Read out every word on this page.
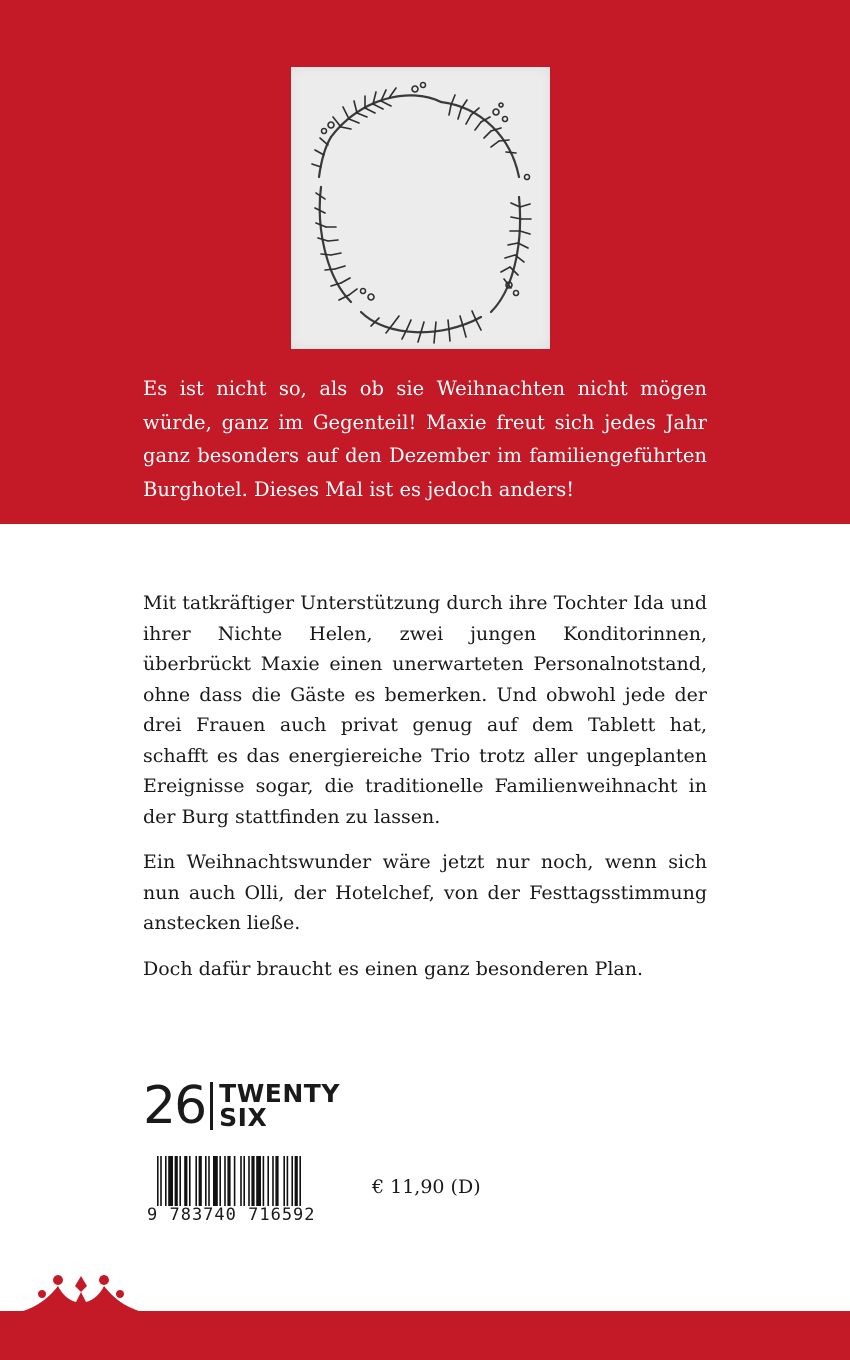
Es ist nicht so, als ob sie Weihnachten nicht mögen würde, ganz im Gegenteil! Maxie freut sich jedes Jahr ganz besonders auf den Dezember im familiengeführten Burghotel. Dieses Mal ist es jedoch anders!

Mit tatkräftiger Unterstützung durch ihre Tochter Ida und ihrer Nichte Helen, zwei jungen Konditorinnen, überbrückt Maxie einen unerwarteten Personalnotstand, ohne dass die Gäste es bemerken. Und obwohl jede der drei Frauen auch privat genug auf dem Tablett hat, schafft es das energiereiche Trio trotz aller ungeplanten Ereignisse sogar, die traditionelle Familienweihnacht in der Burg stattfinden zu lassen.

Ein Weihnachtswunder wäre jetzt nur noch, wenn sich nun auch Olli, der Hotelchef, von der Festtagsstimmung anstecken ließe.

Doch dafür braucht es einen ganz besonderen Plan.

26 TWENTY
SIX
9 783740 716592
€ 11,90 (D)
